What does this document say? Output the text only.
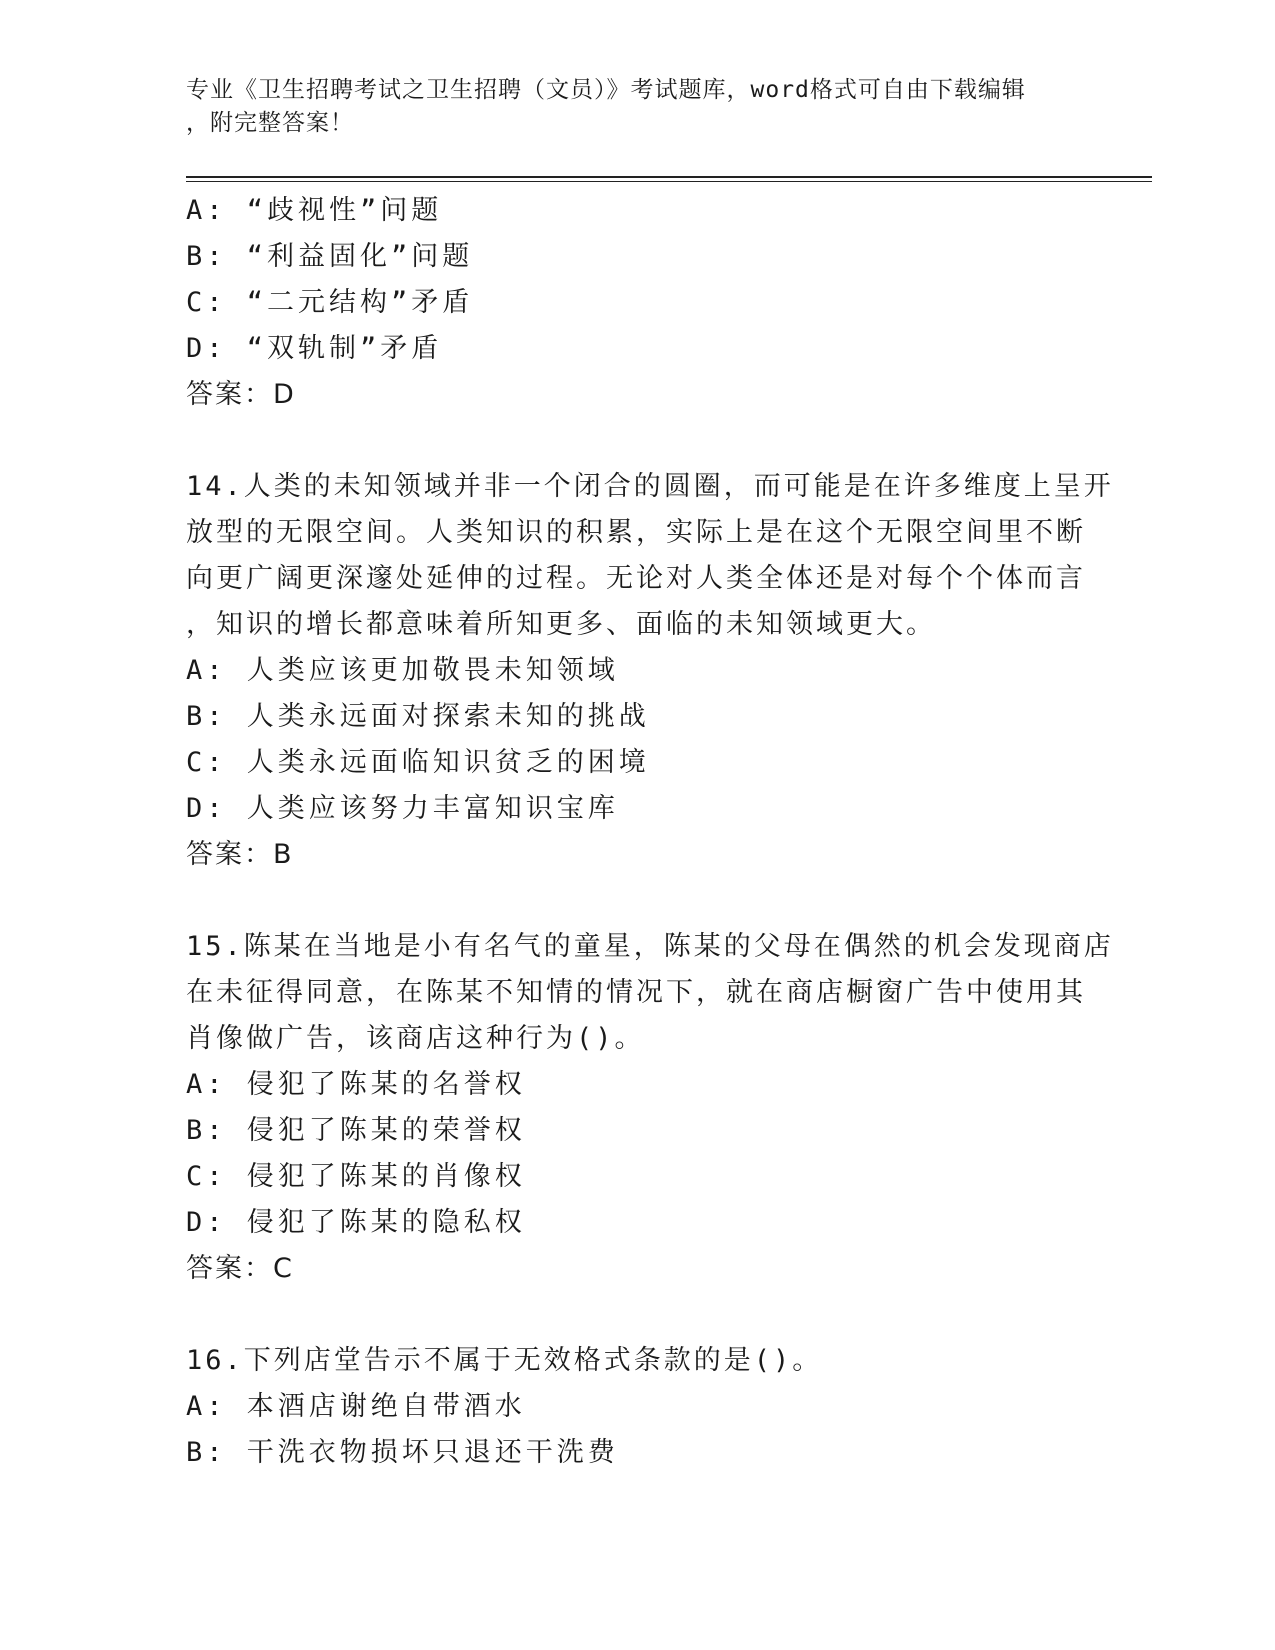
专业《卫生招聘考试之卫生招聘（文员）》考试题库，word格式可自由下载编辑
，附完整答案！
A: “歧视性”问题
B: “利益固化”问题
C: “二元结构”矛盾
D: “双轨制”矛盾
答案：D
14.人类的未知领域并非一个闭合的圆圈，而可能是在许多维度上呈开
放型的无限空间。人类知识的积累，实际上是在这个无限空间里不断
向更广阔更深邃处延伸的过程。无论对人类全体还是对每个个体而言
，知识的增长都意味着所知更多、面临的未知领域更大。
A: 人类应该更加敬畏未知领域
B: 人类永远面对探索未知的挑战
C: 人类永远面临知识贫乏的困境
D: 人类应该努力丰富知识宝库
答案：B
15.陈某在当地是小有名气的童星，陈某的父母在偶然的机会发现商店
在未征得同意，在陈某不知情的情况下，就在商店橱窗广告中使用其
肖像做广告，该商店这种行为()。
A: 侵犯了陈某的名誉权
B: 侵犯了陈某的荣誉权
C: 侵犯了陈某的肖像权
D: 侵犯了陈某的隐私权
答案：C
16.下列店堂告示不属于无效格式条款的是()。
A: 本酒店谢绝自带酒水
B: 干洗衣物损坏只退还干洗费
